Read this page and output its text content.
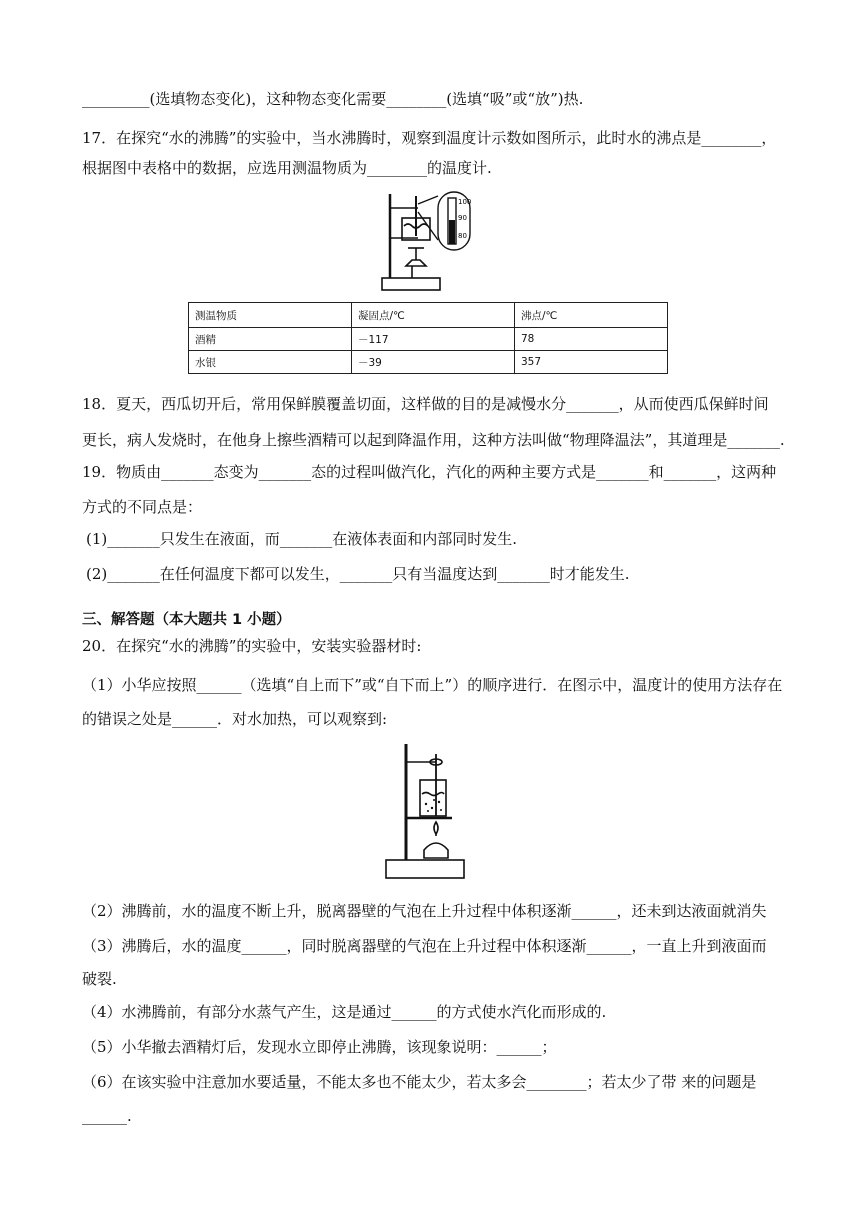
_________(选填物态变化)，这种物态变化需要________(选填“吸”或“放”)热.
17．在探究“水的沸腾”的实验中，当水沸腾时，观察到温度计示数如图所示，此时水的沸点是________，
根据图中表格中的数据，应选用测温物质为________的温度计.
100
90
80
测温物质	凝固点/℃	沸点/℃
酒精	－117	78
水银	－39	357
18．夏天，西瓜切开后，常用保鲜膜覆盖切面，这样做的目的是减慢水分_______，从而使西瓜保鲜时间
更长，病人发烧时，在他身上擦些酒精可以起到降温作用，这种方法叫做“物理降温法”，其道理是_______.
19．物质由_______态变为_______态的过程叫做汽化，汽化的两种主要方式是_______和_______，这两种
方式的不同点是：
(1)_______只发生在液面，而_______在液体表面和内部同时发生.
(2)_______在任何温度下都可以发生，_______只有当温度达到_______时才能发生.
三、解答题（本大题共 1 小题）
20．在探究“水的沸腾”的实验中，安装实验器材时:
（1）小华应按照______（选填“自上而下”或“自下而上”）的顺序进行．在图示中，温度计的使用方法存在
的错误之处是______．对水加热，可以观察到:
（2）沸腾前，水的温度不断上升，脱离器壁的气泡在上升过程中体积逐渐______，还未到达液面就消失
（3）沸腾后，水的温度______，同时脱离器壁的气泡在上升过程中体积逐渐______，一直上升到液面而
破裂.
（4）水沸腾前，有部分水蒸气产生，这是通过______的方式使水汽化而形成的.
（5）小华撤去酒精灯后，发现水立即停止沸腾，该现象说明：______；
（6）在该实验中注意加水要适量，不能太多也不能太少，若太多会________；若太少了带 来的问题是
______.
